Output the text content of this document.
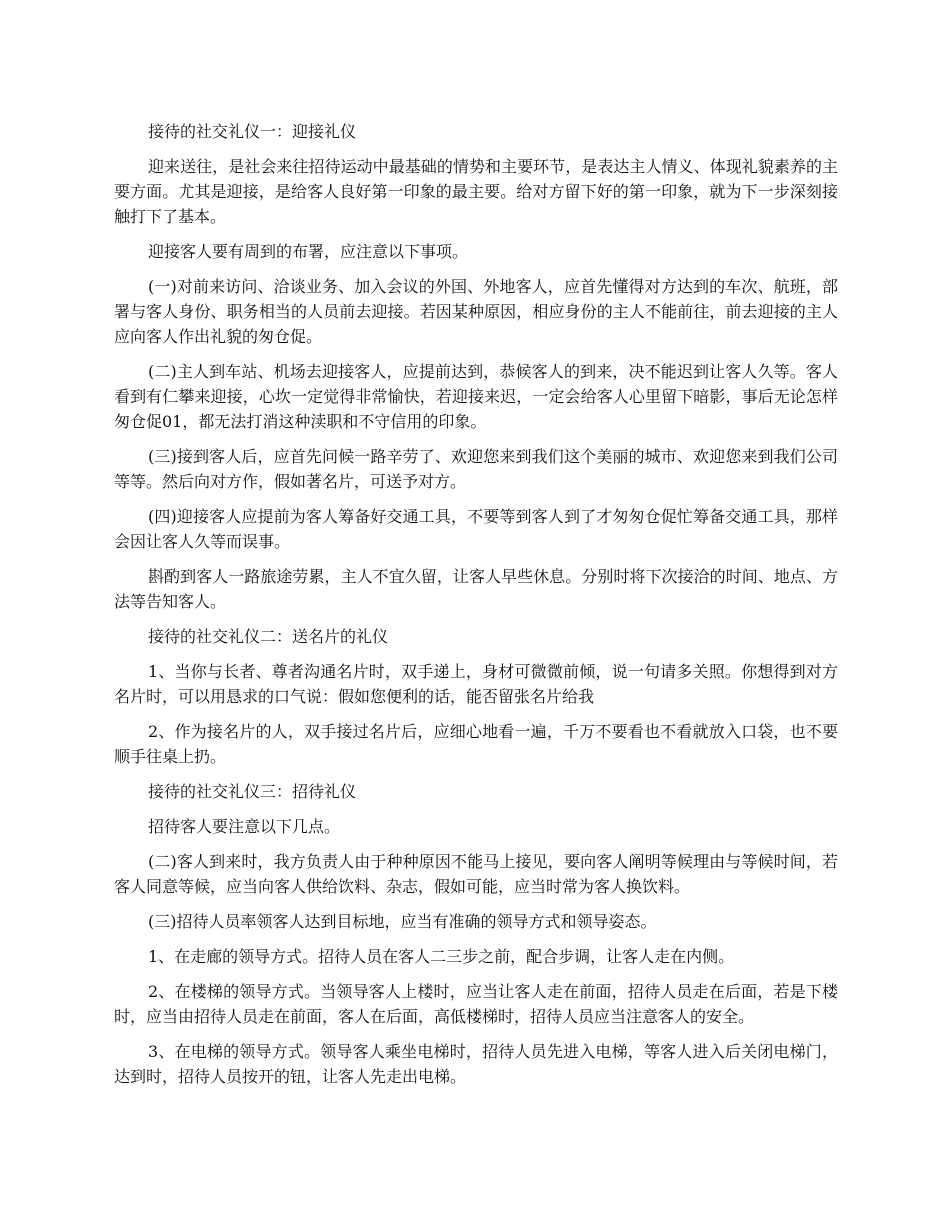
接待的社交礼仪一：迎接礼仪

迎来送往，是社会来往招待运动中最基础的情势和主要环节，是表达主人情义、体现礼貌素养的主要方面。尤其是迎接，是给客人良好第一印象的最主要。给对方留下好的第一印象，就为下一步深刻接触打下了基本。

迎接客人要有周到的布署，应注意以下事项。

(一)对前来访问、洽谈业务、加入会议的外国、外地客人，应首先懂得对方达到的车次、航班，部署与客人身份、职务相当的人员前去迎接。若因某种原因，相应身份的主人不能前往，前去迎接的主人应向客人作出礼貌的匆仓促。

(二)主人到车站、机场去迎接客人，应提前达到，恭候客人的到来，决不能迟到让客人久等。客人看到有仁攀来迎接，心坎一定觉得非常愉快，若迎接来迟，一定会给客人心里留下暗影，事后无论怎样匆仓促01，都无法打消这种渎职和不守信用的印象。

(三)接到客人后，应首先问候一路辛劳了、欢迎您来到我们这个美丽的城市、欢迎您来到我们公司等等。然后向对方作，假如著名片，可送予对方。

(四)迎接客人应提前为客人筹备好交通工具，不要等到客人到了才匆匆仓促忙筹备交通工具，那样会因让客人久等而误事。

斟酌到客人一路旅途劳累，主人不宜久留，让客人早些休息。分别时将下次接洽的时间、地点、方法等告知客人。

接待的社交礼仪二：送名片的礼仪

1、当你与长者、尊者沟通名片时，双手递上，身材可微微前倾，说一句请多关照。你想得到对方名片时，可以用恳求的口气说：假如您便利的话，能否留张名片给我

2、作为接名片的人，双手接过名片后，应细心地看一遍，千万不要看也不看就放入口袋，也不要顺手往桌上扔。

接待的社交礼仪三：招待礼仪

招待客人要注意以下几点。

(二)客人到来时，我方负责人由于种种原因不能马上接见，要向客人阐明等候理由与等候时间，若客人同意等候，应当向客人供给饮料、杂志，假如可能，应当时常为客人换饮料。

(三)招待人员率领客人达到目标地，应当有准确的领导方式和领导姿态。

1、在走廊的领导方式。招待人员在客人二三步之前，配合步调，让客人走在内侧。

2、在楼梯的领导方式。当领导客人上楼时，应当让客人走在前面，招待人员走在后面，若是下楼时，应当由招待人员走在前面，客人在后面，高低楼梯时，招待人员应当注意客人的安全。

3、在电梯的领导方式。领导客人乘坐电梯时，招待人员先进入电梯，等客人进入后关闭电梯门，达到时，招待人员按开的钮，让客人先走出电梯。
